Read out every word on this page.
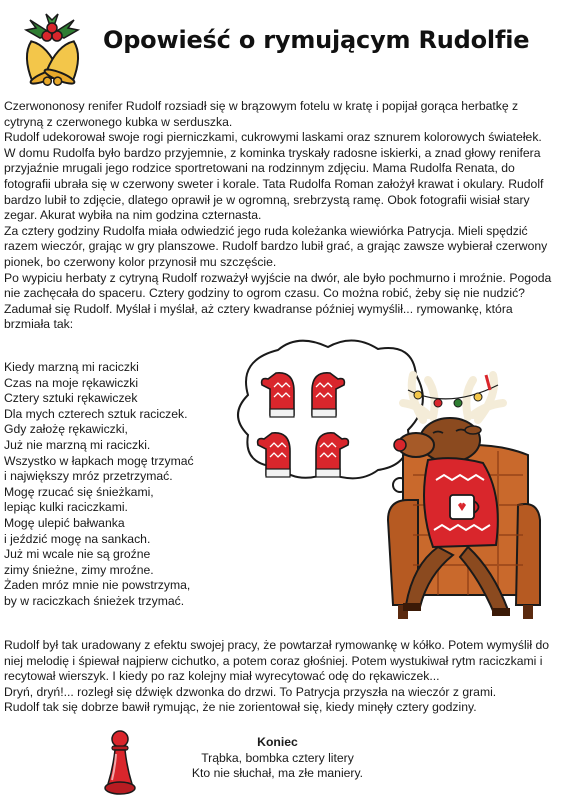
Opowieść o rymującym Rudolfie

Czerwononosy renifer Rudolf rozsiadł się w brązowym fotelu w kratę i popijał gorąca herbatkę z cytryną z czerwonego kubka w serduszka.

Rudolf udekorował swoje rogi pierniczkami, cukrowymi laskami oraz sznurem kolorowych światełek. W domu Rudolfa było bardzo przyjemnie, z kominka tryskały radosne iskierki, a znad głowy renifera przyjaźnie mrugali jego rodzice sportretowani na rodzinnym zdjęciu. Mama Rudolfa Renata, do fotografii ubrała się w czerwony sweter i korale. Tata Rudolfa Roman założył krawat i okulary. Rudolf bardzo lubił to zdjęcie, dlatego oprawił je w ogromną, srebrzystą ramę. Obok fotografii wisiał stary zegar. Akurat wybiła na nim godzina czternasta.

Za cztery godziny Rudolfa miała odwiedzić jego ruda koleżanka wiewiórka Patrycja. Mieli spędzić razem wieczór, grając w gry planszowe. Rudolf bardzo lubił grać, a grając zawsze wybierał czerwony pionek, bo czerwony kolor przynosił mu szczęście.

Po wypiciu herbaty z cytryną Rudolf rozważył wyjście na dwór, ale było pochmurno i mroźnie. Pogoda nie zachęcała do spaceru. Cztery godziny to ogrom czasu. Co można robić, żeby się nie nudzić? Zadumał się Rudolf. Myślał i myślał, aż cztery kwadranse później wymyślił... rymowankę, która brzmiała tak:

Kiedy marzną mi raciczki
Czas na moje rękawiczki
Cztery sztuki rękawiczek
Dla mych czterech sztuk raciczek.
Gdy założę rękawiczki,
Już nie marzną mi raciczki.
Wszystko w łapkach mogę trzymać
i największy mróz przetrzymać.
Mogę rzucać się śnieżkami,
lepiąc kulki raciczkami.
Mogę ulepić bałwanka
i jeździć mogę na sankach.
Już mi wcale nie są groźne
zimy śnieżne, zimy mroźne.
Żaden mróz mnie nie powstrzyma,
by w raciczkach śnieżek trzymać.

Rudolf był tak uradowany z efektu swojej pracy, że powtarzał rymowankę w kółko. Potem wymyślił do niej melodię i śpiewał najpierw cichutko, a potem coraz głośniej. Potem wystukiwał rytm raciczkami i recytował wierszyk. I kiedy po raz kolejny miał wyrecytować odę do rękawiczek...

Dryń, dryń!... rozległ się dźwięk dzwonka do drzwi. To Patrycja przyszła na wieczór z grami.

Rudolf tak się dobrze bawił rymując, że nie zorientował się, kiedy minęły cztery godziny.

Koniec
Trąbka, bombka cztery litery
Kto nie słuchał, ma złe maniery.
